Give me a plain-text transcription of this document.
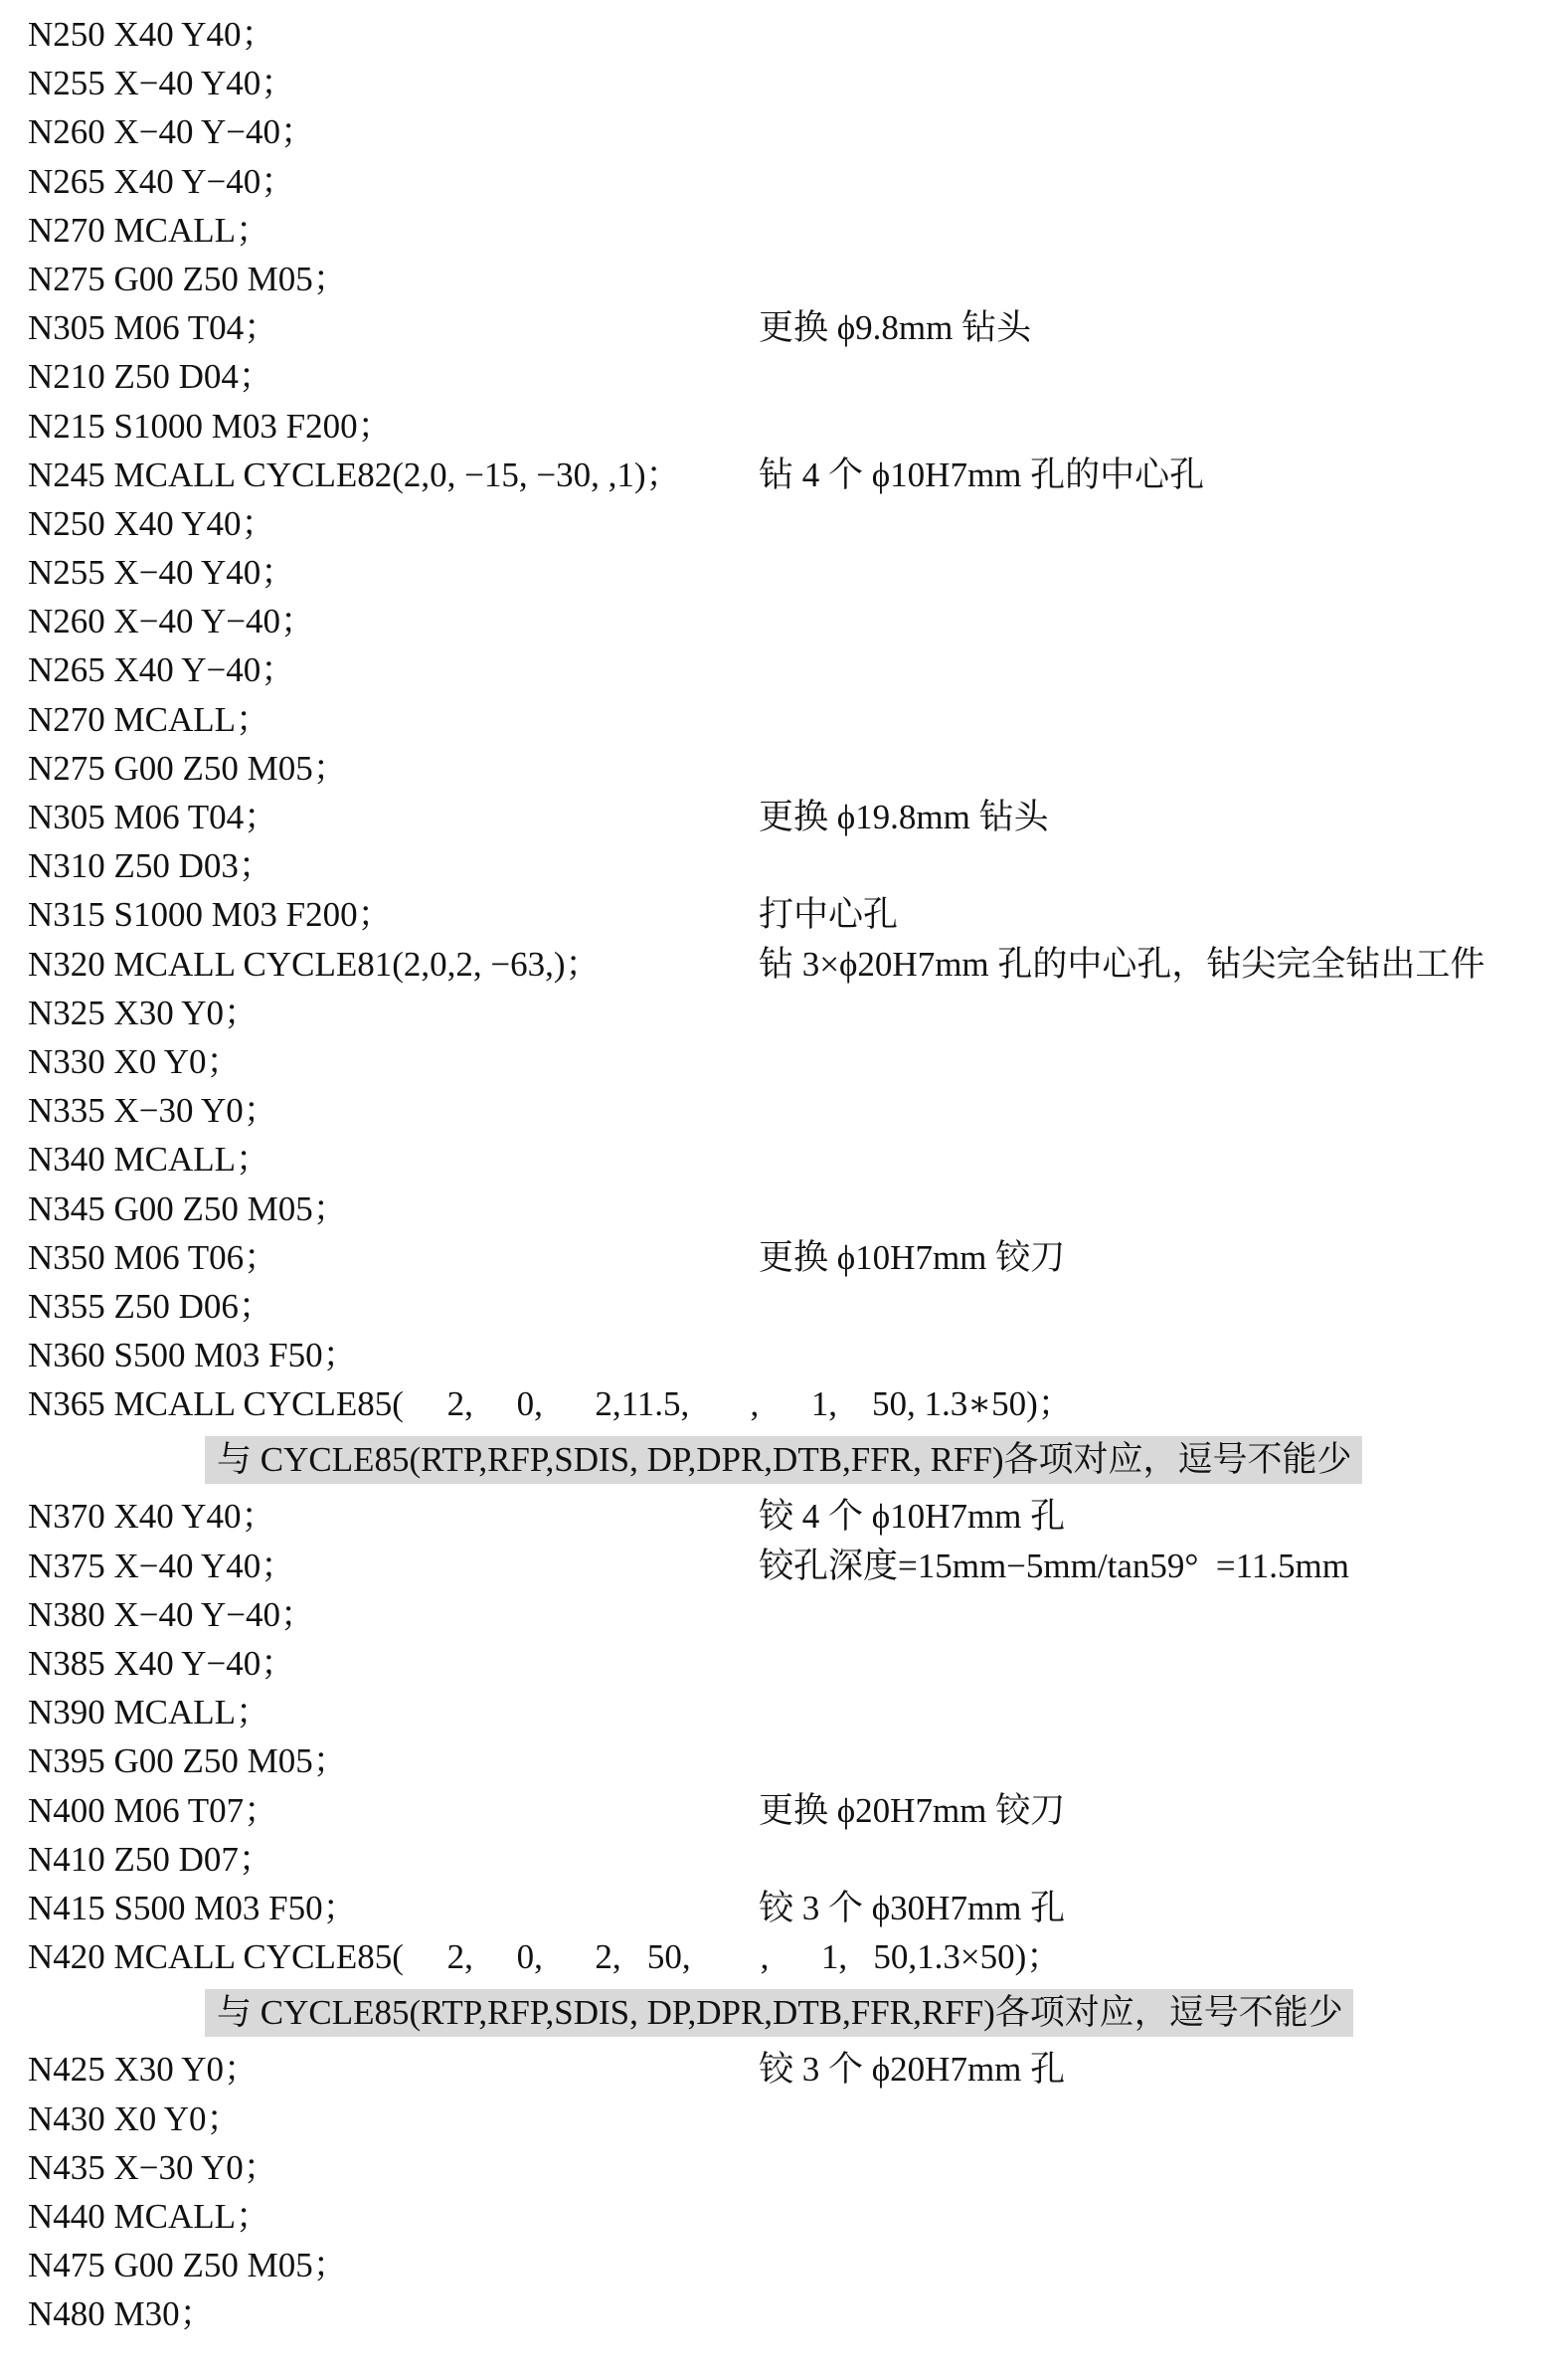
N250 X40 Y40；
N255 X−40 Y40；
N260 X−40 Y−40；
N265 X40 Y−40；
N270 MCALL；
N275 G00 Z50 M05；
N305 M06 T04；	更换 ϕ9.8mm 钻头
N210 Z50 D04；
N215 S1000 M03 F200；
N245 MCALL CYCLE82(2,0, −15, −30, ,1)； 钻 4 个 ϕ10H7mm 孔的中心孔
N250 X40 Y40；
N255 X−40 Y40；
N260 X−40 Y−40；
N265 X40 Y−40；
N270 MCALL；
N275 G00 Z50 M05；
N305 M06 T04；	更换 ϕ19.8mm 钻头
N310 Z50 D03；
N315 S1000 M03 F200；	打中心孔
N320 MCALL CYCLE81(2,0,2, −63,)；	钻 3×ϕ20H7mm 孔的中心孔，钻尖完全钻出工件
N325 X30 Y0；
N330 X0 Y0；
N335 X−30 Y0；
N340 MCALL；
N345 G00 Z50 M05；
N350 M06 T06；	更换 ϕ10H7mm 铰刀
N355 Z50 D06；
N360 S500 M03 F50；
N365 MCALL CYCLE85(     2,     0,      2,11.5,       ,      1,    50, 1.3∗50)；
与 CYCLE85(RTP,RFP,SDIS, DP,DPR,DTB,FFR, RFF)各项对应，逗号不能少
N370 X40 Y40；	铰 4 个 ϕ10H7mm 孔
N375 X−40 Y40；	铰孔深度=15mm−5mm/tan59°  =11.5mm
N380 X−40 Y−40；
N385 X40 Y−40；
N390 MCALL；
N395 G00 Z50 M05；
N400 M06 T07；	更换 ϕ20H7mm 铰刀
N410 Z50 D07；
N415 S500 M03 F50；	铰 3 个 ϕ30H7mm 孔
N420 MCALL CYCLE85(     2,     0,      2,   50,        ,      1,   50,1.3×50)；
与 CYCLE85(RTP,RFP,SDIS, DP,DPR,DTB,FFR,RFF)各项对应，逗号不能少
N425 X30 Y0；	铰 3 个 ϕ20H7mm 孔
N430 X0 Y0；
N435 X−30 Y0；
N440 MCALL；
N475 G00 Z50 M05；
N480 M30；
